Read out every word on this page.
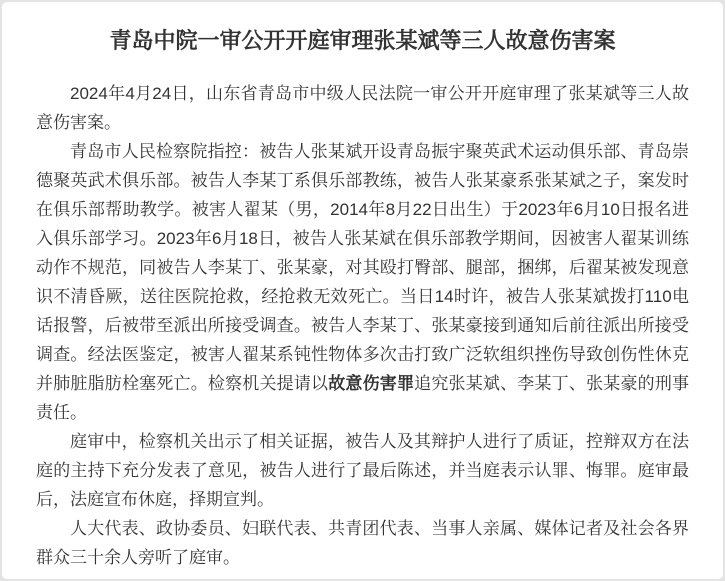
青岛中院一审公开开庭审理张某斌等三人故意伤害案

2024年4月24日，山东省青岛市中级人民法院一审公开开庭审理了张某斌等三人故意伤害案。

青岛市人民检察院指控：被告人张某斌开设青岛振宇聚英武术运动俱乐部、青岛崇德聚英武术俱乐部。被告人李某丁系俱乐部教练，被告人张某豪系张某斌之子，案发时在俱乐部帮助教学。被害人翟某（男，2014年8月22日出生）于2023年6月10日报名进入俱乐部学习。2023年6月18日，被告人张某斌在俱乐部教学期间，因被害人翟某训练动作不规范，同被告人李某丁、张某豪，对其殴打臀部、腿部，捆绑，后翟某被发现意识不清昏厥，送往医院抢救，经抢救无效死亡。当日14时许，被告人张某斌拨打110电话报警，后被带至派出所接受调查。被告人李某丁、张某豪接到通知后前往派出所接受调查。经法医鉴定，被害人翟某系钝性物体多次击打致广泛软组织挫伤导致创伤性休克并肺脏脂肪栓塞死亡。检察机关提请以故意伤害罪追究张某斌、李某丁、张某豪的刑事责任。

庭审中，检察机关出示了相关证据，被告人及其辩护人进行了质证，控辩双方在法庭的主持下充分发表了意见，被告人进行了最后陈述，并当庭表示认罪、悔罪。庭审最后，法庭宣布休庭，择期宣判。

人大代表、政协委员、妇联代表、共青团代表、当事人亲属、媒体记者及社会各界群众三十余人旁听了庭审。
